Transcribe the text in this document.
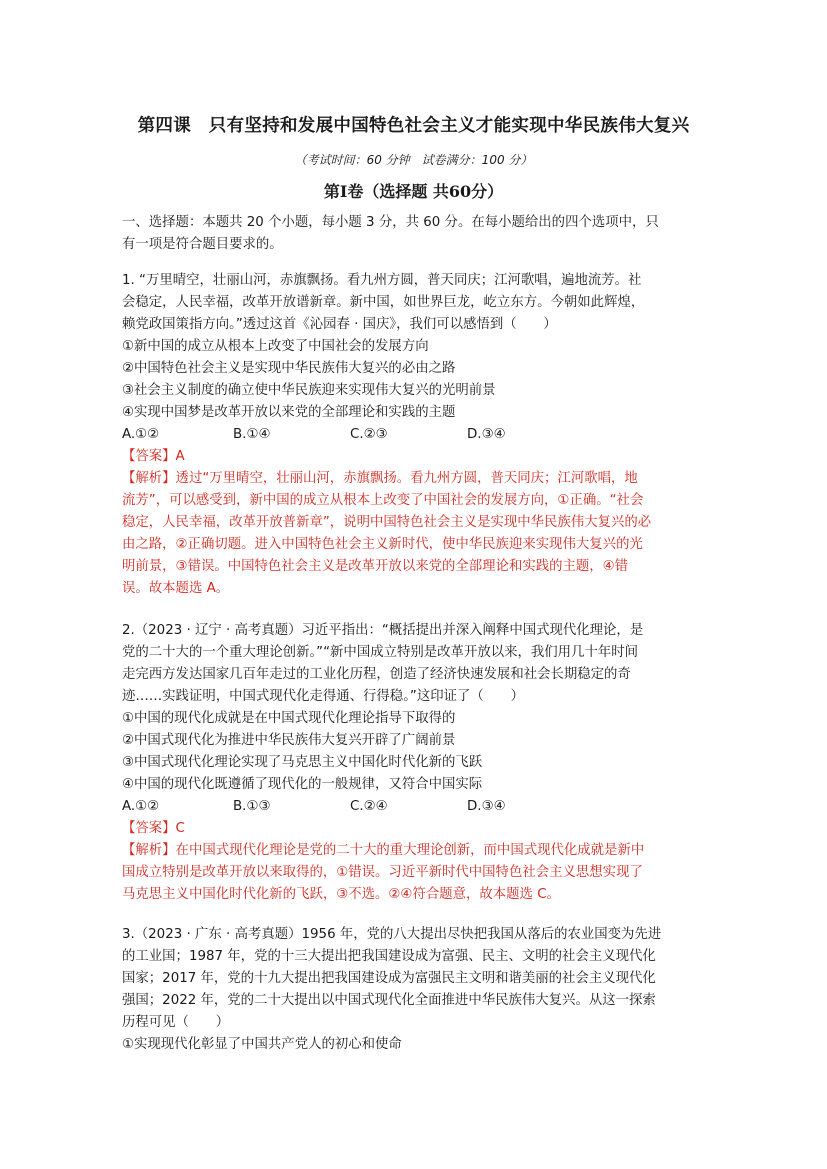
第四课　只有坚持和发展中国特色社会主义才能实现中华民族伟大复兴
（考试时间：60 分钟　试卷满分：100 分）
第Ⅰ卷（选择题 共60分）
一、选择题：本题共 20 个小题，每小题 3 分，共 60 分。在每小题给出的四个选项中，只
有一项是符合题目要求的。
1. “万里晴空，壮丽山河，赤旗飘扬。看九州方圆，普天同庆；江河歌唱，遍地流芳。社
会稳定，人民幸福，改革开放谱新章。新中国，如世界巨龙，屹立东方。今朝如此辉煌，
赖党政国策指方向。”透过这首《沁园春 · 国庆》，我们可以感悟到（　　）
①新中国的成立从根本上改变了中国社会的发展方向
②中国特色社会主义是实现中华民族伟大复兴的必由之路
③社会主义制度的确立使中华民族迎来实现伟大复兴的光明前景
④实现中国梦是改革开放以来党的全部理论和实践的主题
A.①②	B.①④	C.②③	D.③④
【答案】A
【解析】透过“万里晴空，壮丽山河，赤旗飘扬。看九州方圆，普天同庆；江河歌唱，地
流芳”，可以感受到，新中国的成立从根本上改变了中国社会的发展方向，①正确。“社会
稳定，人民幸福，改革开放普新章”，说明中国特色社会主义是实现中华民族伟大复兴的必
由之路，②正确切题。进入中国特色社会主义新时代，使中华民族迎来实现伟大复兴的光
明前景，③错误。中国特色社会主义是改革开放以来党的全部理论和实践的主题，④错
误。故本题选 A。
2.（2023 · 辽宁 · 高考真题）习近平指出：“概括提出并深入阐释中国式现代化理论，是
党的二十大的一个重大理论创新。”“新中国成立特别是改革开放以来，我们用几十年时间
走完西方发达国家几百年走过的工业化历程，创造了经济快速发展和社会长期稳定的奇
迹……实践证明，中国式现代化走得通、行得稳。”这印证了（　　）
①中国的现代化成就是在中国式现代化理论指导下取得的
②中国式现代化为推进中华民族伟大复兴开辟了广阔前景
③中国式现代化理论实现了马克思主义中国化时代化新的飞跃
④中国的现代化既遵循了现代化的一般规律，又符合中国实际
A.①②	B.①③	C.②④	D.③④
【答案】C
【解析】在中国式现代化理论是党的二十大的重大理论创新，而中国式现代化成就是新中
国成立特别是改革开放以来取得的，①错误。习近平新时代中国特色社会主义思想实现了
马克思主义中国化时代化新的飞跃，③不选。②④符合题意，故本题选 C。
3.（2023 · 广东 · 高考真题）1956 年，党的八大提出尽快把我国从落后的农业国变为先进
的工业国；1987 年，党的十三大提出把我国建设成为富强、民主、文明的社会主义现代化
国家；2017 年，党的十九大提出把我国建设成为富强民主文明和谐美丽的社会主义现代化
强国；2022 年，党的二十大提出以中国式现代化全面推进中华民族伟大复兴。从这一探索
历程可见（　　）
①实现现代化彰显了中国共产党人的初心和使命
